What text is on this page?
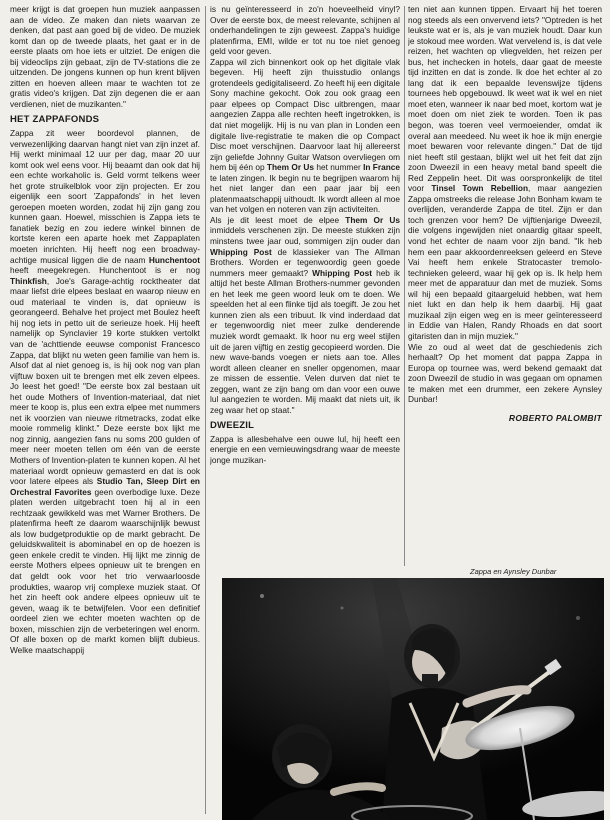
meer krijgt is dat groepen hun muziek aanpassen aan de video. Ze maken dan niets waarvan ze denken, dat past aan goed bij de video. De muziek komt dan op de tweede plaats, het gaat er in de eerste plaats om hoe iets er uitziet. De enigen die bij videoclips zijn gebaat, zijn de TV-stations die ze uitzenden. De jongens kunnen op hun krent blijven zitten en hoeven alleen maar te wachten tot ze gratis video's krijgen. Dat zijn degenen die er aan verdienen, niet de muzikanten."

HET ZAPPAFONDS

Zappa zit weer boordevol plannen, de verwezenlijking daarvan hangt niet van zijn inzet af. Hij werkt minimaal 12 uur per dag, maar 20 uur komt ook wel eens voor. Hij beaamt dan ook dat hij een echte workaholic is. Geld vormt telkens weer het grote struikelblok voor zijn projecten. Er zou eigenlijk een soort 'Zappafonds' in het leven geroepen moeten worden, zodat hij zijn gang zou kunnen gaan. Hoewel, misschien is Zappa iets te fanatiek bezig en zou iedere winkel binnen de kortste keren een aparte hoek met Zappaplaten moeten inrichten. Hij heeft nog een broadway-achtige musical liggen die de naam Hunchentoot heeft meegekregen. Hunchentoot is er nog Thinkfish, Joe's Garage-achtig rocktheater dat maar liefst drie elpees beslaat en waarop nieuw en oud materiaal te vinden is, dat opnieuw is georangeerd. Behalve het project met Boulez heeft hij nog iets in petto uit de serieuze hoek. Hij heeft namelijk op Synclavier 19 korte stukken vertolkt van de 'achttiende eeuwse componist Francesco Zappa, dat blijkt nu weten geen familie van hem is. Alsof dat al niet genoeg is, is hij ook nog van plan vijftuw boxen uit te brengen met elk zeven elpees. Jo leest het goed! "De eerste box zal bestaan uit het oude Mothers of Invention-materiaal, dat niet meer te koop is, plus een extra elpee met nummers net ik voorzien van nieuwe ritmetracks, zodat elke mooie rommelig klinkt." Deze eerste box lijkt me nog zinnig, aangezien fans nu soms 200 gulden of meer neer moeten tellen om één van de eerste Mothers of Invention-platen te kunnen kopen. Al het materiaal wordt opnieuw gemasterd en dat is ook voor latere elpees als Studio Tan, Sleep Dirt en Orchestral Favorites geen overbodige luxe. Deze platen werden uitgebracht toen hij al in een rechtzaak gewikkeld was met Warner Brothers. De platenfirma heeft ze daarom waarschijnlijk bewust als low budgetproduktie op de markt gebracht. De geluidskwaliteit is abominabel en op de hoezen is geen enkele credit te vinden. Hij lijkt me zinnig de eerste Mothers elpees opnieuw uit te brengen en dat geldt ook voor het trio verwaarloosde produkties, waarop vrij complexe muziek staat. Of het zin heeft ook andere elpees opnieuw uit te geven, waag ik te betwijfelen. Voor een definitief oordeel zien we echter moeten wachten op de boxen, misschien zijn de verbeteringen wel enorm. Of alle boxen op de markt komen blijft dubieus. Welke maatschappij

is nu geïnteresseerd in zo'n hoeveelheid vinyl? Over de eerste box, de meest relevante, schijnen al onderhandelingen te zijn geweest. Zappa's huidige platenfirma, EMI, wilde er tot nu toe niet genoeg geld voor geven.

Zappa wil zich binnenkort ook op het digitale vlak begeven. Hij heeft zijn thuisstudio onlangs grotendeels gedigitaliseerd. Zo heeft hij een digitale Sony machine gekocht. Ook zou ook graag een paar elpees op Compact Disc uitbrengen, maar aangezien Zappa alle rechten heeft ingetrokken, is dat niet mogelijk. Hij is nu van plan in Londen een digitale live-registratie te maken die op Compact Disc moet verschijnen. Daarvoor laat hij allereerst zijn geliefde Johnny Guitar Watson overvliegen om hem bij één op Them Or Us het nummer In France te laten zingen. Ik begin nu te begrijpen waarom hij het niet langer dan een paar jaar bij een platenmaatschappij uithoudt. Ik wordt alleen al moe van het volgen en noteren van zijn activiteiten.

Als je dit leest moet de elpee Them Or Us inmiddels verschenen zijn. De meeste stukken zijn minstens twee jaar oud, sommigen zijn ouder dan Whipping Post de klassieker van The Allman Brothers. Worden er tegenwoordig geen goede nummers meer gemaakt? Whipping Post heb ik altijd het beste Allman Brothers-nummer gevonden en het leek me geen woord leuk om te doen. We speelden het al een flinke tijd als toegift. Je zou het kunnen zien als een tribuut. Ik vind inderdaad dat er tegenwoordig niet meer zulke denderende muziek wordt gemaakt. Ik hoor nu erg weel stijlen uit de jaren vijftig en zestig gecopieerd worden. Die new wave-bands voegen er niets aan toe. Alles wordt alleen cleaner en sneller opgenomen, maar ze missen de essentie. Velen durven dat niet te zeggen, want ze zijn bang om dan voor een ouwe lul aangezien te worden. Mij maakt dat niets uit, ik zeg waar het op staat."

DWEEZIL

Zappa is allesbehalve een ouwe lul, hij heeft een energie en een vernieuwingsdrang waar de meeste jonge muzikan-

ten niet aan kunnen tippen. Ervaart hij het toeren nog steeds als een onvervend iets? "Optreden is het leukste wat er is, als je van muziek houdt. Daar kun je stokoud mee worden. Wat vervelend is, is dat vele reizen, het wachten op vliegvelden, het reizen per bus, het inchecken in hotels, daar gaat de meeste tijd inzitten en dat is zonde. Ik doe het echter al zo lang dat ik een bepaalde levenswijze tijdens tournees heb opgebouwd. Ik weet wat ik wel en niet moet eten, wanneer ik naar bed moet, kortom wat je moet doen om niet ziek te worden. Toen ik pas begon, was toeren veel vermoeiender, omdat ik overal aan meedeed. Nu weet ik hoe ik mijn energie moet bewaren voor relevante dingen." Dat de tijd niet heeft stil gestaan, blijkt wel uit het feit dat zijn zoon Dweezil in een heavy metal band speelt die Red Zeppelin heet. Dit was oorspronkelijk de titel voor Tinsel Town Rebellion, maar aangezien Zappa omstreeks die release John Bonham kwam te overlijden, veranderde Zappa de titel. Zijn er dan toch grenzen voor hem? De vijftienjarige Dweezil, die volgens ingewijden niet onaardig gitaar speelt, vond het echter de naam voor zijn band. "Ik heb hem een paar akkoordenreeksen geleerd en Steve Vai heeft hem enkele Stratocaster tremolo-technieken geleerd, waar hij gek op is. Ik help hem meer met de apparatuur dan met de muziek. Soms wil hij een bepaald gitaargeluid hebben, wat hem niet lukt en dan help ik hem daarbij. Hij gaat muzikaal zijn eigen weg en is meer geïnteresseerd in Eddie van Halen, Randy Rhoads en dat soort gitaristen dan in mijn muziek."

Wie zo oud al weet dat de geschiedenis zich herhaalt? Op het moment dat pappa Zappa in Europa op tournee was, werd bekend gemaakt dat zoon Dweezil de studio in was gegaan om opnamen te maken met een drummer, een zekere Aynsley Dunbar!

ROBERTO PALOMBIT
Zappa en Aynsley Dunbar
